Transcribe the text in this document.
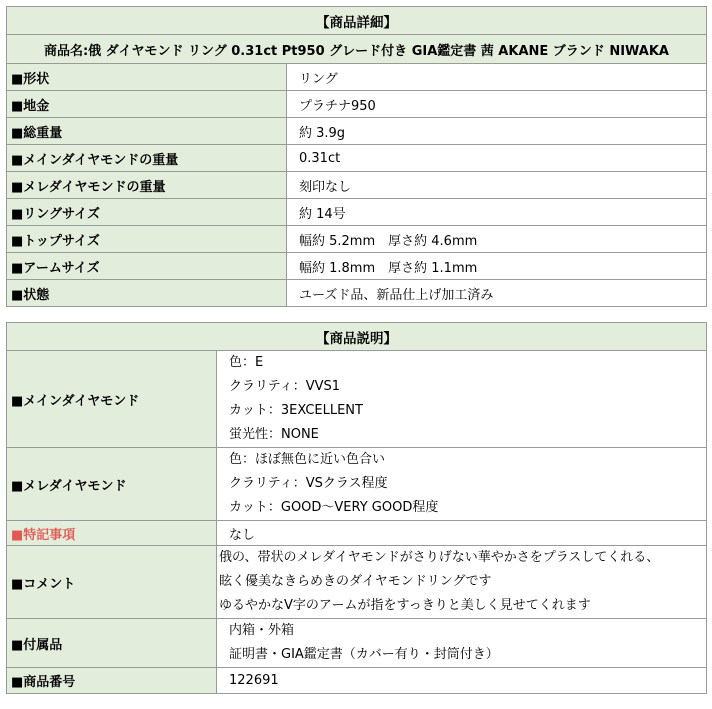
【商品詳細】	
商品名:俄 ダイヤモンド リング 0.31ct Pt950 グレード付き GIA鑑定書 茜 AKANE ブランド NIWAKA	
■形状	リング
■地金	プラチナ950
■総重量	約 3.9g
■メインダイヤモンドの重量	0.31ct
■メレダイヤモンドの重量	刻印なし
■リングサイズ	約 14号
■トップサイズ	幅約 5.2mm　厚さ約 4.6mm
■アームサイズ	幅約 1.8mm　厚さ約 1.1mm
■状態	ユーズド品、新品仕上げ加工済み
【商品説明】	
■メインダイヤモンド	色：E
クラリティ：VVS1
カット：3EXCELLENT
蛍光性：NONE

■メレダイヤモンド	色：ほぼ無色に近い色合い
クラリティ：VSクラス程度
カット：GOOD～VERY GOOD程度

■特記事項	なし
■コメント	俄の、帯状のメレダイヤモンドがさりげない華やかさをプラスしてくれる、
眩く優美なきらめきのダイヤモンドリングです
ゆるやかなV字のアームが指をすっきりと美しく見せてくれます

■付属品	内箱・外箱
証明書・GIA鑑定書（カバー有り・封筒付き）

■商品番号	122691
